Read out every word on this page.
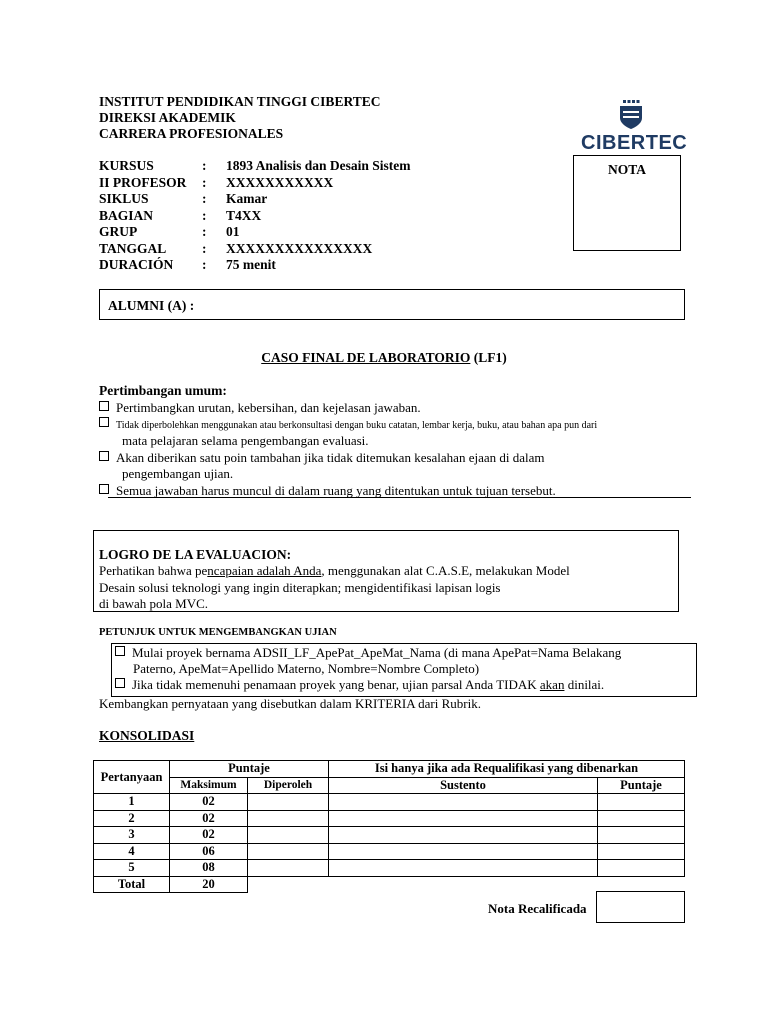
INSTITUT PENDIDIKAN TINGGI CIBERTEC
DIREKSI AKADEMIK
CARRERA PROFESIONALES	CIBERTEC
NOTA
KURSUS	:	1893 Analisis dan Desain Sistem
II PROFESOR	:	XXXXXXXXXXX
SIKLUS	:	Kamar
BAGIAN	:	T4XX
GRUP	:	01
TANGGAL	:	XXXXXXXXXXXXXXX
DURACIÓN	:	75 menit
ALUMNI (A) :
CASO FINAL DE LABORATORIO (LF1)
Pertimbangan umum:
Pertimbangkan urutan, kebersihan, dan kejelasan jawaban.
Tidak diperbolehkan menggunakan atau berkonsultasi dengan buku catatan, lembar kerja, buku, atau bahan apa pun dari
mata pelajaran selama pengembangan evaluasi.
Akan diberikan satu poin tambahan jika tidak ditemukan kesalahan ejaan di dalam
pengembangan ujian.
Semua jawaban harus muncul di dalam ruang yang ditentukan untuk tujuan tersebut.
LOGRO DE LA EVALUACION:
Perhatikan bahwa pencapaian adalah Anda, menggunakan alat C.A.S.E, melakukan Model
Desain solusi teknologi yang ingin diterapkan; mengidentifikasi lapisan logis
di bawah pola MVC.
PETUNJUK UNTUK MENGEMBANGKAN UJIAN
Mulai proyek bernama ADSII_LF_ApePat_ApeMat_Nama (di mana ApePat=Nama Belakang
Paterno, ApeMat=Apellido Materno, Nombre=Nombre Completo)
Jika tidak memenuhi penamaan proyek yang benar, ujian parsal Anda TIDAK akan dinilai.
Kembangkan pernyataan yang disebutkan dalam KRITERIA dari Rubrik.
KONSOLIDASI
Pertanyaan	Puntaje		Isi hanya jika ada Requalifikasi yang dibenarkan	
	Maksimum	Diperoleh	Sustento	Puntaje
1	02			
2	02			
3	02			
4	06			
5	08			
Total	20			
Nota Recalificada
